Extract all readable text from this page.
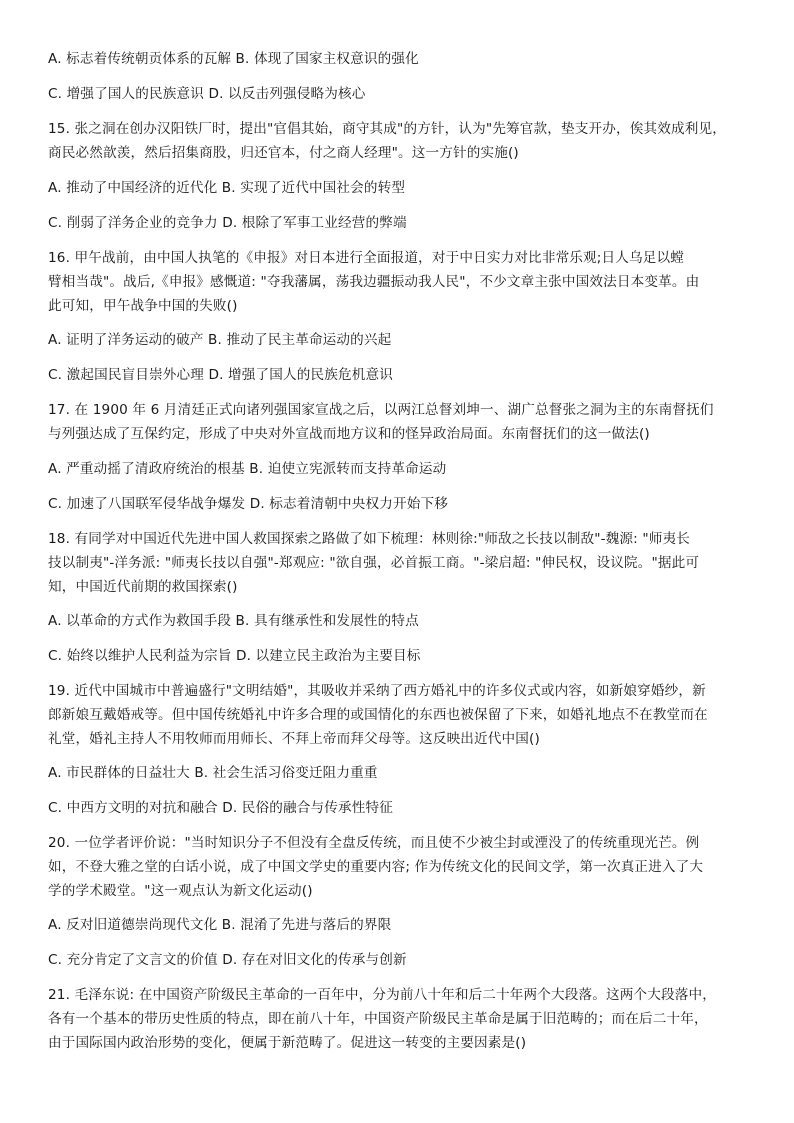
A. 标志着传统朝贡体系的瓦解 B. 体现了国家主权意识的强化
C. 增强了国人的民族意识 D. 以反击列强侵略为核心
15. 张之洞在创办汉阳铁厂时，提出"官倡其始，商守其成"的方针，认为"先筹官款，垫支开办，俟其效成利见，
商民必然歆羡，然后招集商股，归还官本，付之商人经理"。这一方针的实施()
A. 推动了中国经济的近代化 B. 实现了近代中国社会的转型
C. 削弱了洋务企业的竞争力 D. 根除了军事工业经营的弊端
16. 甲午战前，由中国人执笔的《申报》对日本进行全面报道，对于中日实力对比非常乐观;日人乌足以螳
臂相当哉"。战后,《申报》感慨道: "夺我藩属，荡我边疆振动我人民"，不少文章主张中国效法日本变革。由
此可知，甲午战争中国的失败()
A. 证明了洋务运动的破产 B. 推动了民主革命运动的兴起
C. 激起国民盲目崇外心理 D. 增强了国人的民族危机意识
17. 在 1900 年 6 月清廷正式向诸列强国家宣战之后，以两江总督刘坤一、湖广总督张之洞为主的东南督抚们
与列强达成了互保约定，形成了中央对外宣战而地方议和的怪异政治局面。东南督抚们的这一做法()
A. 严重动摇了清政府统治的根基 B. 迫使立宪派转而支持革命运动
C. 加速了八国联军侵华战争爆发 D. 标志着清朝中央权力开始下移
18. 有同学对中国近代先进中国人救国探索之路做了如下梳理：林则徐:"师敌之长技以制敌"-魏源: "师夷长
技以制夷"-洋务派: "师夷长技以自强"-郑观应: "欲自强，必首振工商。"-梁启超: "伸民权，设议院。"据此可
知，中国近代前期的救国探索()
A. 以革命的方式作为救国手段 B. 具有继承性和发展性的特点
C. 始终以维护人民利益为宗旨 D. 以建立民主政治为主要目标
19. 近代中国城市中普遍盛行"文明结婚"，其吸收并采纳了西方婚礼中的许多仪式或内容，如新娘穿婚纱，新
郎新娘互戴婚戒等。但中国传统婚礼中许多合理的或国情化的东西也被保留了下来，如婚礼地点不在教堂而在
礼堂，婚礼主持人不用牧师而用师长、不拜上帝而拜父母等。这反映出近代中国()
A. 市民群体的日益壮大 B. 社会生活习俗变迁阻力重重
C. 中西方文明的对抗和融合 D. 民俗的融合与传承性特征
20. 一位学者评价说："当时知识分子不但没有全盘反传统，而且使不少被尘封或湮没了的传统重现光芒。例
如，不登大雅之堂的白话小说，成了中国文学史的重要内容; 作为传统文化的民间文学，第一次真正进入了大
学的学术殿堂。"这一观点认为新文化运动()
A. 反对旧道德崇尚现代文化 B. 混淆了先进与落后的界限
C. 充分肯定了文言文的价值 D. 存在对旧文化的传承与创新
21. 毛泽东说: 在中国资产阶级民主革命的一百年中，分为前八十年和后二十年两个大段落。这两个大段落中，
各有一个基本的带历史性质的特点，即在前八十年，中国资产阶级民主革命是属于旧范畴的；而在后二十年，
由于国际国内政治形势的变化，便属于新范畴了。促进这一转变的主要因素是()
